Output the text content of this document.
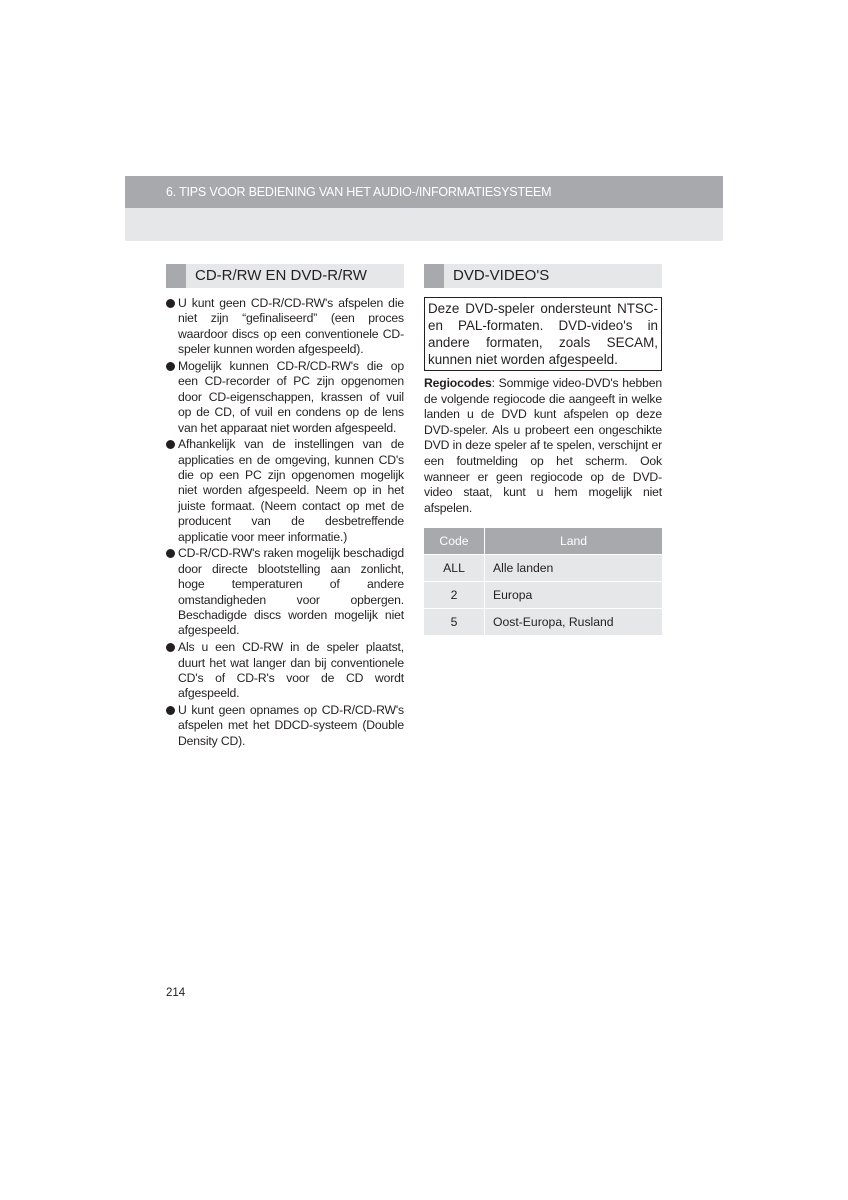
6. TIPS VOOR BEDIENING VAN HET AUDIO-/INFORMATIESYSTEEM
CD-R/RW EN DVD-R/RW
U kunt geen CD-R/CD-RW's afspelen die niet zijn “gefinaliseerd” (een proces waardoor discs op een conventionele CD-speler kunnen worden afgespeeld).
Mogelijk kunnen CD-R/CD-RW's die op een CD-recorder of PC zijn opgenomen door CD-eigenschappen, krassen of vuil op de CD, of vuil en condens op de lens van het apparaat niet worden afgespeeld.
Afhankelijk van de instellingen van de applicaties en de omgeving, kunnen CD's die op een PC zijn opgenomen mogelijk niet worden afgespeeld. Neem op in het juiste formaat. (Neem contact op met de producent van de desbetreffende applicatie voor meer informatie.)
CD-R/CD-RW's raken mogelijk beschadigd door directe blootstelling aan zonlicht, hoge temperaturen of andere omstandigheden voor opbergen. Beschadigde discs worden mogelijk niet afgespeeld.
Als u een CD-RW in de speler plaatst, duurt het wat langer dan bij conventionele CD's of CD-R's voor de CD wordt afgespeeld.
U kunt geen opnames op CD-R/CD-RW's afspelen met het DDCD-systeem (Double Density CD).
DVD-VIDEO'S
Deze DVD-speler ondersteunt NTSC- en PAL-formaten. DVD-video's in andere formaten, zoals SECAM, kunnen niet worden afgespeeld.
Regiocodes: Sommige video-DVD's hebben de volgende regiocode die aangeeft in welke landen u de DVD kunt afspelen op deze DVD-speler. Als u probeert een ongeschikte DVD in deze speler af te spelen, verschijnt er een foutmelding op het scherm. Ook wanneer er geen regiocode op de DVD-video staat, kunt u hem mogelijk niet afspelen.
Code	Land
ALL	Alle landen
2	Europa
5	Oost-Europa, Rusland
214
